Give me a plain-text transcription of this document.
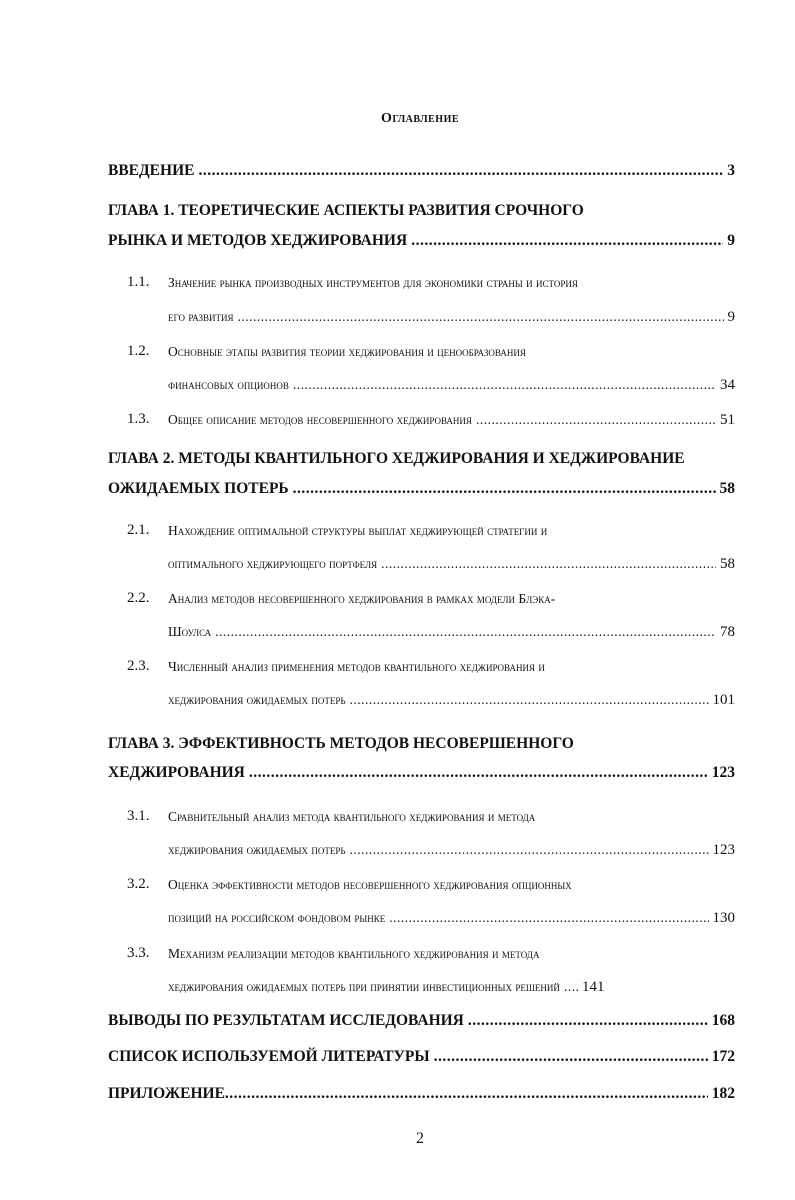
Оглавление
ВВЕДЕНИЕ .....	3
ГЛАВА 1. ТЕОРЕТИЧЕСКИЕ АСПЕКТЫ РАЗВИТИЯ СРОЧНОГО
РЫНКА И МЕТОДОВ ХЕДЖИРОВАНИЯ .....	9
1.1. Значение рынка производных инструментов для экономики страны и история
его развития .....	9
1.2. Основные этапы развития теории хеджирования и ценообразования
финансовых опционов .....	34
1.3. Общее описание методов несовершенного хеджирования .....	51
ГЛАВА 2. МЕТОДЫ КВАНТИЛЬНОГО ХЕДЖИРОВАНИЯ И ХЕДЖИРОВАНИЕ
ОЖИДАЕМЫХ ПОТЕРЬ .....	58
2.1. Нахождение оптимальной структуры выплат хеджирующей стратегии и
оптимального хеджирующего портфеля .....	58
2.2. Анализ методов несовершенного хеджирования в рамках модели Блэка-
Шоулса .....	78
2.3. Численный анализ применения методов квантильного хеджирования и
хеджирования ожидаемых потерь .....	101
ГЛАВА 3. ЭФФЕКТИВНОСТЬ МЕТОДОВ НЕСОВЕРШЕННОГО
ХЕДЖИРОВАНИЯ .....	123
3.1. Сравнительный анализ метода квантильного хеджирования и метода
хеджирования ожидаемых потерь .....	123
3.2. Оценка эффективности методов несовершенного хеджирования опционных
позиций на российском фондовом рынке .....	130
3.3. Механизм реализации методов квантильного хеджирования и метода
хеджирования ожидаемых потерь при принятии инвестиционных решений ..... 141
ВЫВОДЫ ПО РЕЗУЛЬТАТАМ ИССЛЕДОВАНИЯ .....	168
СПИСОК ИСПОЛЬЗУЕМОЙ ЛИТЕРАТУРЫ .....	172
ПРИЛОЖЕНИЕ .....	182
2
